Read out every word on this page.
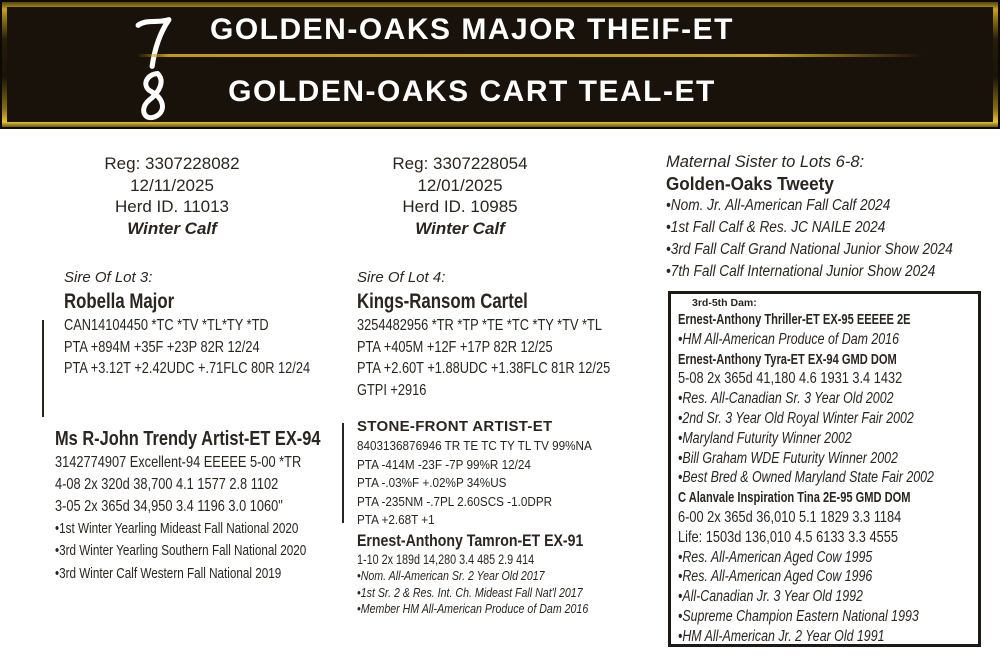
GOLDEN-OAKS MAJOR THEIF-ET
GOLDEN-OAKS CART TEAL-ET
Reg: 3307228082
12/11/2025
Herd ID. 11013
Winter Calf
Reg: 3307228054
12/01/2025
Herd ID. 10985
Winter Calf
Maternal Sister to Lots 6-8:
Golden-Oaks Tweety
•Nom. Jr. All-American Fall Calf 2024
•1st Fall Calf & Res. JC NAILE 2024
•3rd Fall Calf Grand National Junior Show 2024
•7th Fall Calf International Junior Show 2024
Sire Of Lot 3:
Robella Major
CAN14104450 *TC *TV *TL*TY *TD
PTA +894M +35F +23P 82R 12/24
PTA +3.12T +2.42UDC +.71FLC 80R 12/24
Sire Of Lot 4:
Kings-Ransom Cartel
3254482956 *TR *TP *TE *TC *TY *TV *TL
PTA +405M +12F +17P 82R 12/25
PTA +2.60T +1.88UDC +1.38FLC 81R 12/25
GTPI +2916
Ms R-John Trendy Artist-ET EX-94
3142774907 Excellent-94 EEEEE 5-00 *TR
4-08 2x 320d 38,700 4.1 1577 2.8 1102
3-05 2x 365d 34,950 3.4 1196 3.0 1060"
•1st Winter Yearling Mideast Fall National 2020
•3rd Winter Yearling Southern Fall National 2020
•3rd Winter Calf Western Fall National 2019
STONE-FRONT ARTIST-ET
8403136876946 TR TE TC TY TL TV 99%NA
PTA -414M -23F -7P 99%R 12/24
PTA -.03%F +.02%P 34%US
PTA -235NM -.7PL 2.60SCS -1.0DPR
PTA +2.68T +1
Ernest-Anthony Tamron-ET EX-91
1-10 2x 189d 14,280 3.4 485 2.9 414
•Nom. All-American Sr. 2 Year Old 2017
•1st Sr. 2 & Res. Int. Ch. Mideast Fall Nat'l 2017
•Member HM All-American Produce of Dam 2016
3rd-5th Dam:
Ernest-Anthony Thriller-ET EX-95 EEEEE 2E
•HM All-American Produce of Dam 2016
Ernest-Anthony Tyra-ET EX-94 GMD DOM
5-08 2x 365d 41,180 4.6 1931 3.4 1432
•Res. All-Canadian Sr. 3 Year Old 2002
•2nd Sr. 3 Year Old Royal Winter Fair 2002
•Maryland Futurity Winner 2002
•Bill Graham WDE Futurity Winner 2002
•Best Bred & Owned Maryland State Fair 2002
C Alanvale Inspiration Tina 2E-95 GMD DOM
6-00 2x 365d 36,010 5.1 1829 3.3 1184
Life: 1503d 136,010 4.5 6133 3.3 4555
•Res. All-American Aged Cow 1995
•Res. All-American Aged Cow 1996
•All-Canadian Jr. 3 Year Old 1992
•Supreme Champion Eastern National 1993
•HM All-American Jr. 2 Year Old 1991
